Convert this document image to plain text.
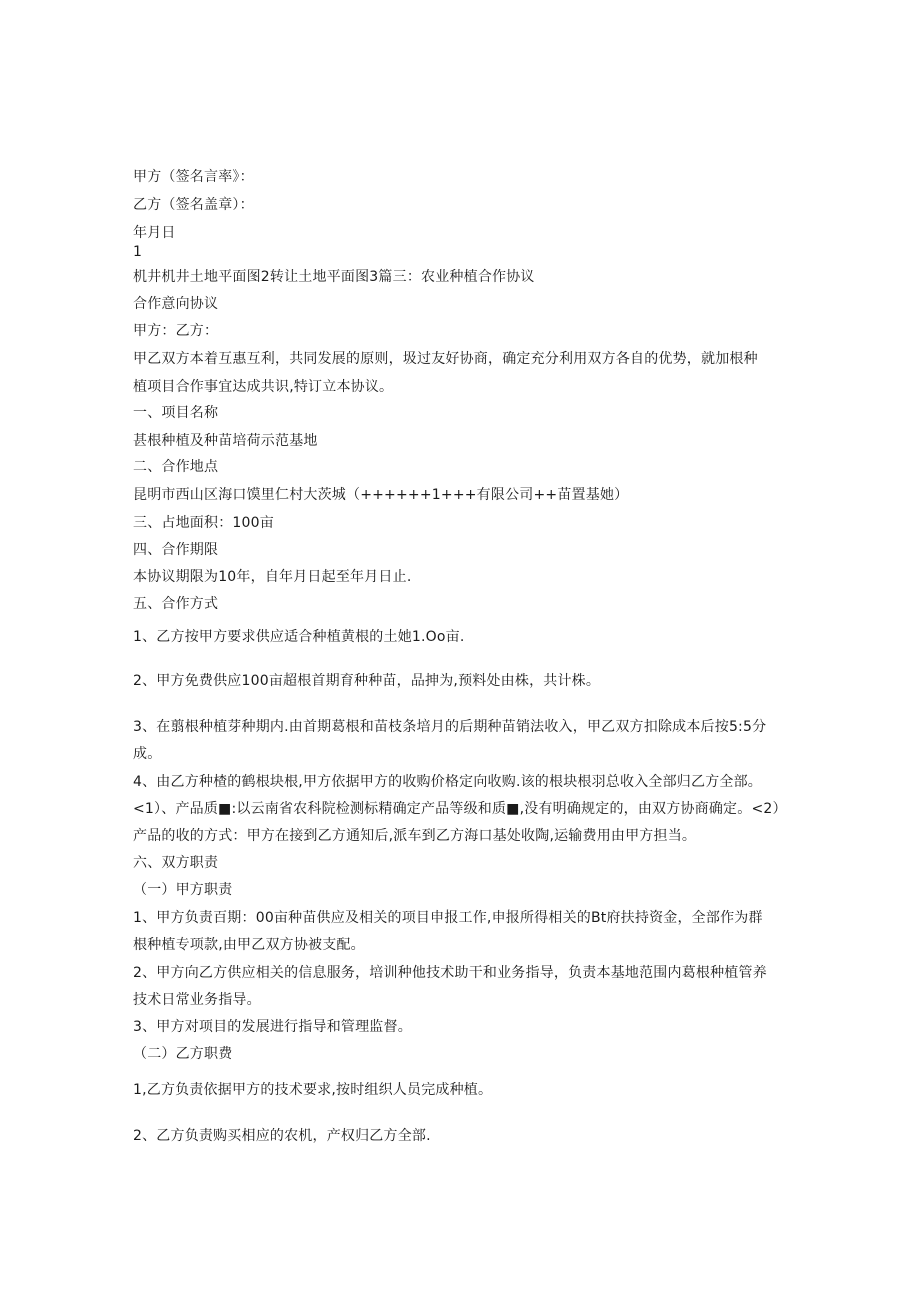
甲方（签名言率》：

乙方（签名盖章）：

年月日

1

机井机井土地平面图2转让土地平面图3篇三：农业种植合作协议

合作意向协议

甲方：乙方：

甲乙双方本着互惠互利，共同发展的原则，圾过友好协商，确定充分利用双方各自的优势，就加根种

植项目合作事宜达成共识,特订立本协议。

一、项目名称

甚根种植及种苗培荷示范基地

二、合作地点

昆明市西山区海口馍里仁村大茨城（++++++1+++有限公司++苗置基她）

三、占地面积：100亩

四、合作期限

本协议期限为10年，自年月日起至年月日止.

五、合作方式

1、乙方按甲方要求供应适合种植黄根的土她1.Oo亩.

2、甲方免费供应100亩超根首期育种种苗，品抻为,预料处由株，共计株。

3、在翦根种植芽种期内.由首期葛根和苗枝条培月的后期种苗销法收入，甲乙双方扣除成本后按5:5分

成。

4、由乙方种楂的鹤根块根,甲方依据甲方的收购价格定向收购.该的根块根羽总收入全部归乙方全部。

<1）、产品质■:以云南省农科院检测标精确定产品等级和质■,没有明确规定的，由双方协商确定。<2）

产品的收的方式：甲方在接到乙方通知后,派车到乙方海口基处收陶,运输费用由甲方担当。

六、双方职责

（一）甲方职责

1、甲方负责百期：00亩种苗供应及相关的项目申报工作,申报所得相关的Bt府扶持资金，全部作为群

根种植专项款,由甲乙双方协被支配。

2、甲方向乙方供应相关的信息服务，培训种他技术助干和业务指导，负责本基地范围内葛根种植管养

技术日常业务指导。

3、甲方对项目的发展进行指导和管理监督。

（二）乙方职费

1,乙方负责依据甲方的技术要求,按时组织人员完成种植。

2、乙方负责购买相应的农机，产权归乙方全部.
